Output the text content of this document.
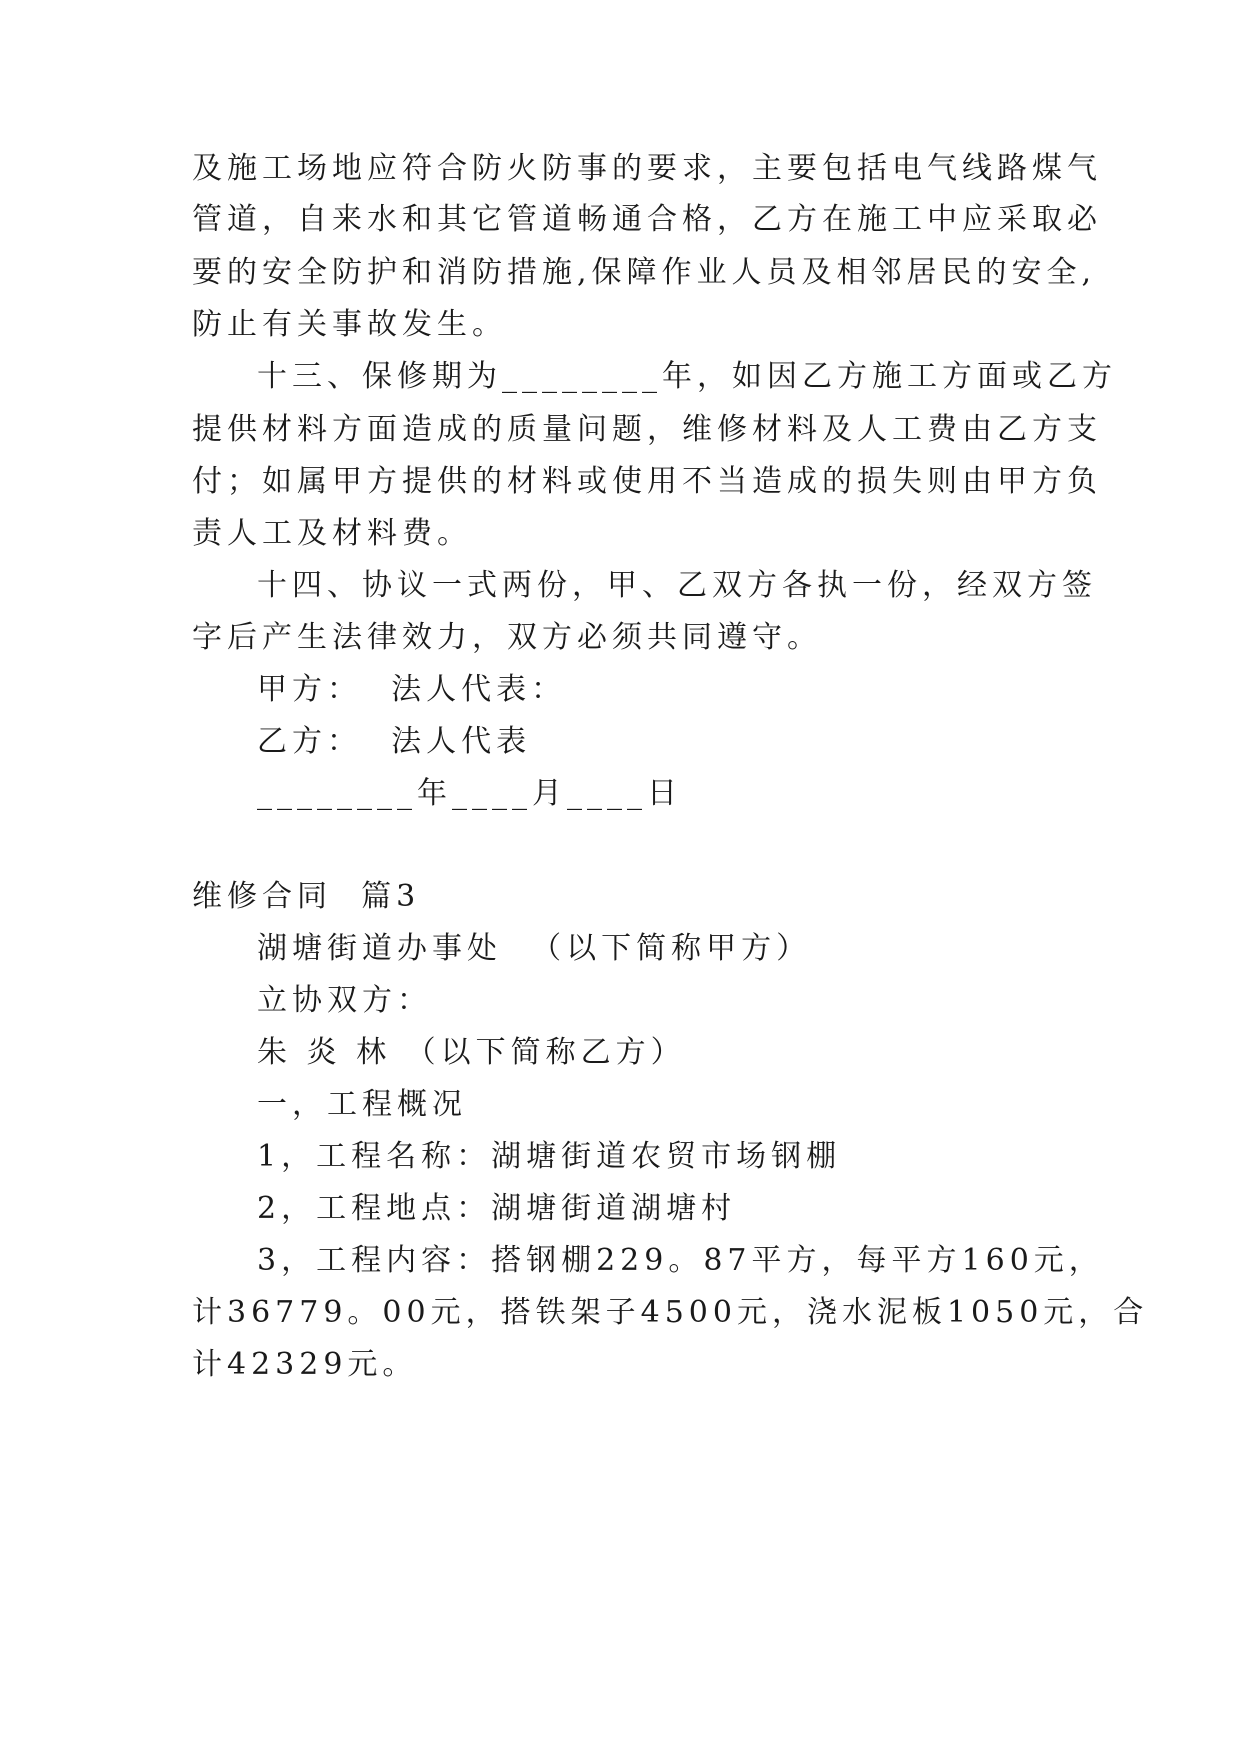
及施工场地应符合防火防事的要求，主要包括电气线路煤气
管道，自来水和其它管道畅通合格，乙方在施工中应采取必
要的安全防护和消防措施,保障作业人员及相邻居民的安全,
防止有关事故发生。
十三、保修期为________年，如因乙方施工方面或乙方
提供材料方面造成的质量问题，维修材料及人工费由乙方支
付；如属甲方提供的材料或使用不当造成的损失则由甲方负
责人工及材料费。
十四、协议一式两份，甲、乙双方各执一份，经双方签
字后产生法律效力，双方必须共同遵守。
甲方：  法人代表：
乙方：  法人代表
________年____月____日
维修合同  篇3
湖塘街道办事处  （以下简称甲方）
立协双方：
朱 炎 林 （以下简称乙方）
一，工程概况
1，工程名称：湖塘街道农贸市场钢棚
2，工程地点：湖塘街道湖塘村
3，工程内容：搭钢棚229。87平方，每平方160元，
计36779。00元，搭铁架子4500元，浇水泥板1050元，合
计42329元。
